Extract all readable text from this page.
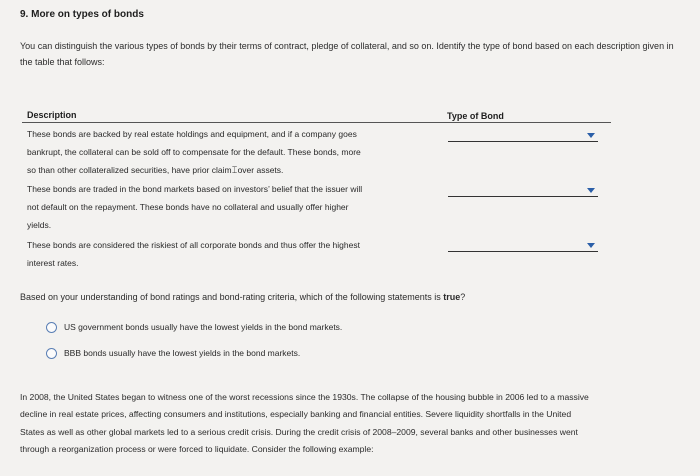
9. More on types of bonds
You can distinguish the various types of bonds by their terms of contract, pledge of collateral, and so on. Identify the type of bond based on each description given in the table that follows:
Description	Type of Bond
These bonds are backed by real estate holdings and equipment, and if a company goes
bankrupt, the collateral can be sold off to compensate for the default. These bonds, more
so than other collateralized securities, have prior claim⌶over assets.
These bonds are traded in the bond markets based on investors’ belief that the issuer will
not default on the repayment. These bonds have no collateral and usually offer higher
yields.
These bonds are considered the riskiest of all corporate bonds and thus offer the highest
interest rates.
Based on your understanding of bond ratings and bond-rating criteria, which of the following statements is true?
US government bonds usually have the lowest yields in the bond markets.
BBB bonds usually have the lowest yields in the bond markets.
In 2008, the United States began to witness one of the worst recessions since the 1930s. The collapse of the housing bubble in 2006 led to a massive
decline in real estate prices, affecting consumers and institutions, especially banking and financial entities. Severe liquidity shortfalls in the United
States as well as other global markets led to a serious credit crisis. During the credit crisis of 2008–2009, several banks and other businesses went
through a reorganization process or were forced to liquidate. Consider the following example:
